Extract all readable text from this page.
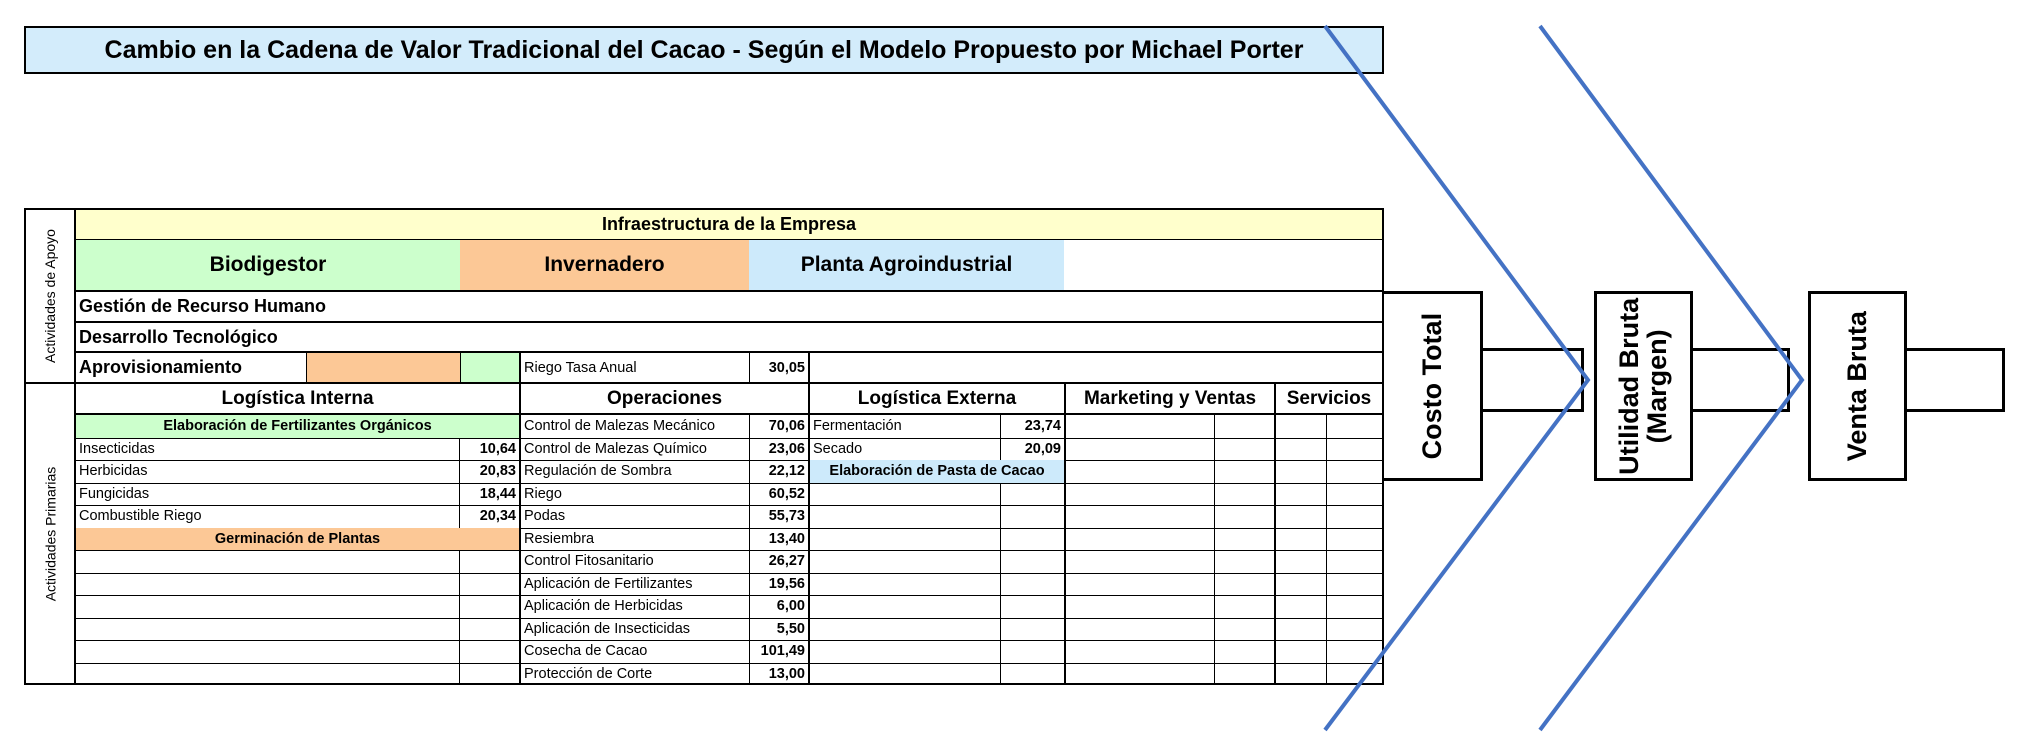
Cambio en la Cadena de Valor Tradicional del Cacao - Según el Modelo Propuesto por Michael Porter
Actividades de Apoyo
Actividades Primarias
Infraestructura de la Empresa
Biodigestor	Invernadero	Planta Agroindustrial
Gestión de Recurso Humano
Desarrollo Tecnológico
Aprovisionamiento	Riego Tasa Anual	30,05
Logística Interna	Operaciones	Logística Externa	Marketing y Ventas	Servicios
Elaboración de Fertilizantes Orgánicos	Control de Malezas Mecánico	70,06 Fermentación	23,74
Insecticidas	10,64 Control de Malezas Químico	23,06 Secado	20,09
Herbicidas	20,83 Regulación de Sombra	22,12	Elaboración de Pasta de Cacao
Fungicidas	18,44 Riego	60,52
Combustible Riego	20,34 Podas	55,73
Germinación de Plantas	Resiembra	13,40
Control Fitosanitario	26,27
Aplicación de Fertilizantes	19,56
Aplicación de Herbicidas	6,00
Aplicación de Insecticidas	5,50
Cosecha de Cacao	101,49
Protección de Corte	13,00
Costo Total	Utilidad Bruta
(Margen)	Venta Bruta
